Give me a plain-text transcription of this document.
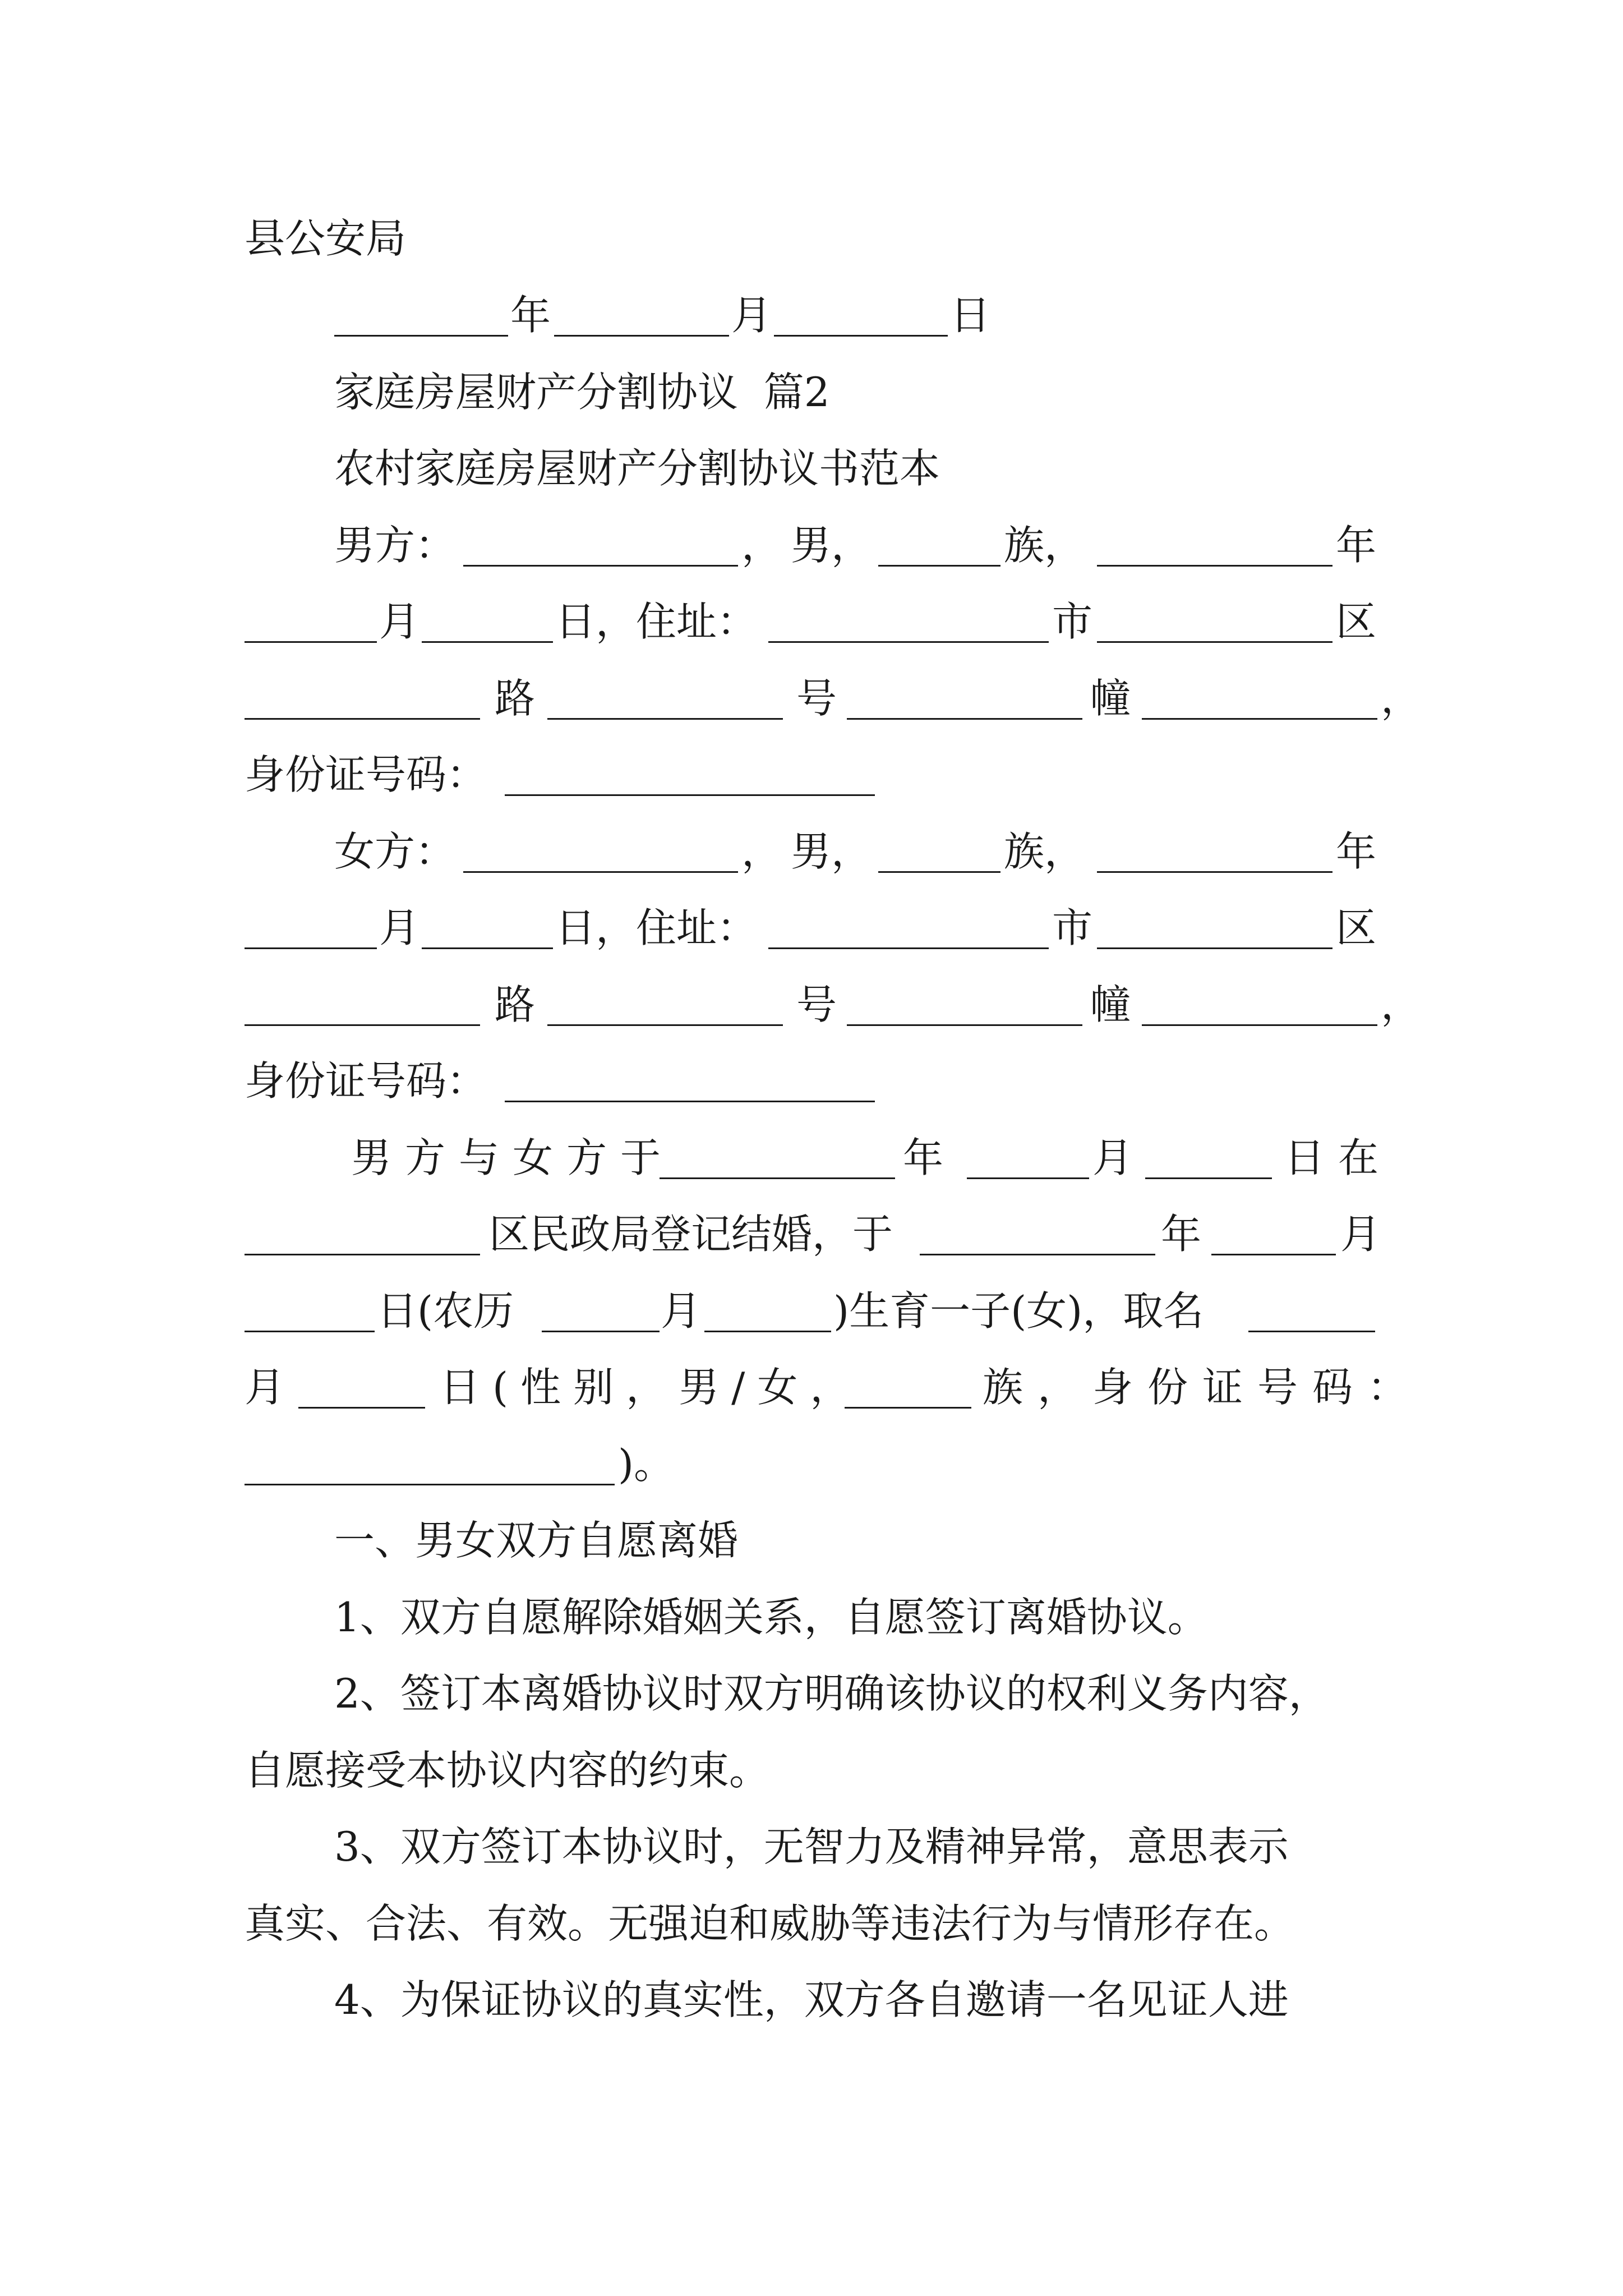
县公安局
年	月	日
家庭房屋财产分割协议  篇2
农村家庭房屋财产分割协议书范本
男方：	， 男，	族，	年
月	日，住址：	市	区
路	号	幢	，
身份证号码：
女方：	， 男，	族，	年
月	日，住址：	市	区
路	号	幢	，
身份证号码：
男方与女方于	年	月	日在
区民政局登记结婚，于	年	月
日(农历	月	)生育一子(女)，取名
月	日(性别，男/女，	族，身份证号码：
)。
一、男女双方自愿离婚
1、双方自愿解除婚姻关系，自愿签订离婚协议。
2、签订本离婚协议时双方明确该协议的权利义务内容，
自愿接受本协议内容的约束。
3、双方签订本协议时，无智力及精神异常，意思表示
真实、合法、有效。无强迫和威胁等违法行为与情形存在。
4、为保证协议的真实性，双方各自邀请一名见证人进
